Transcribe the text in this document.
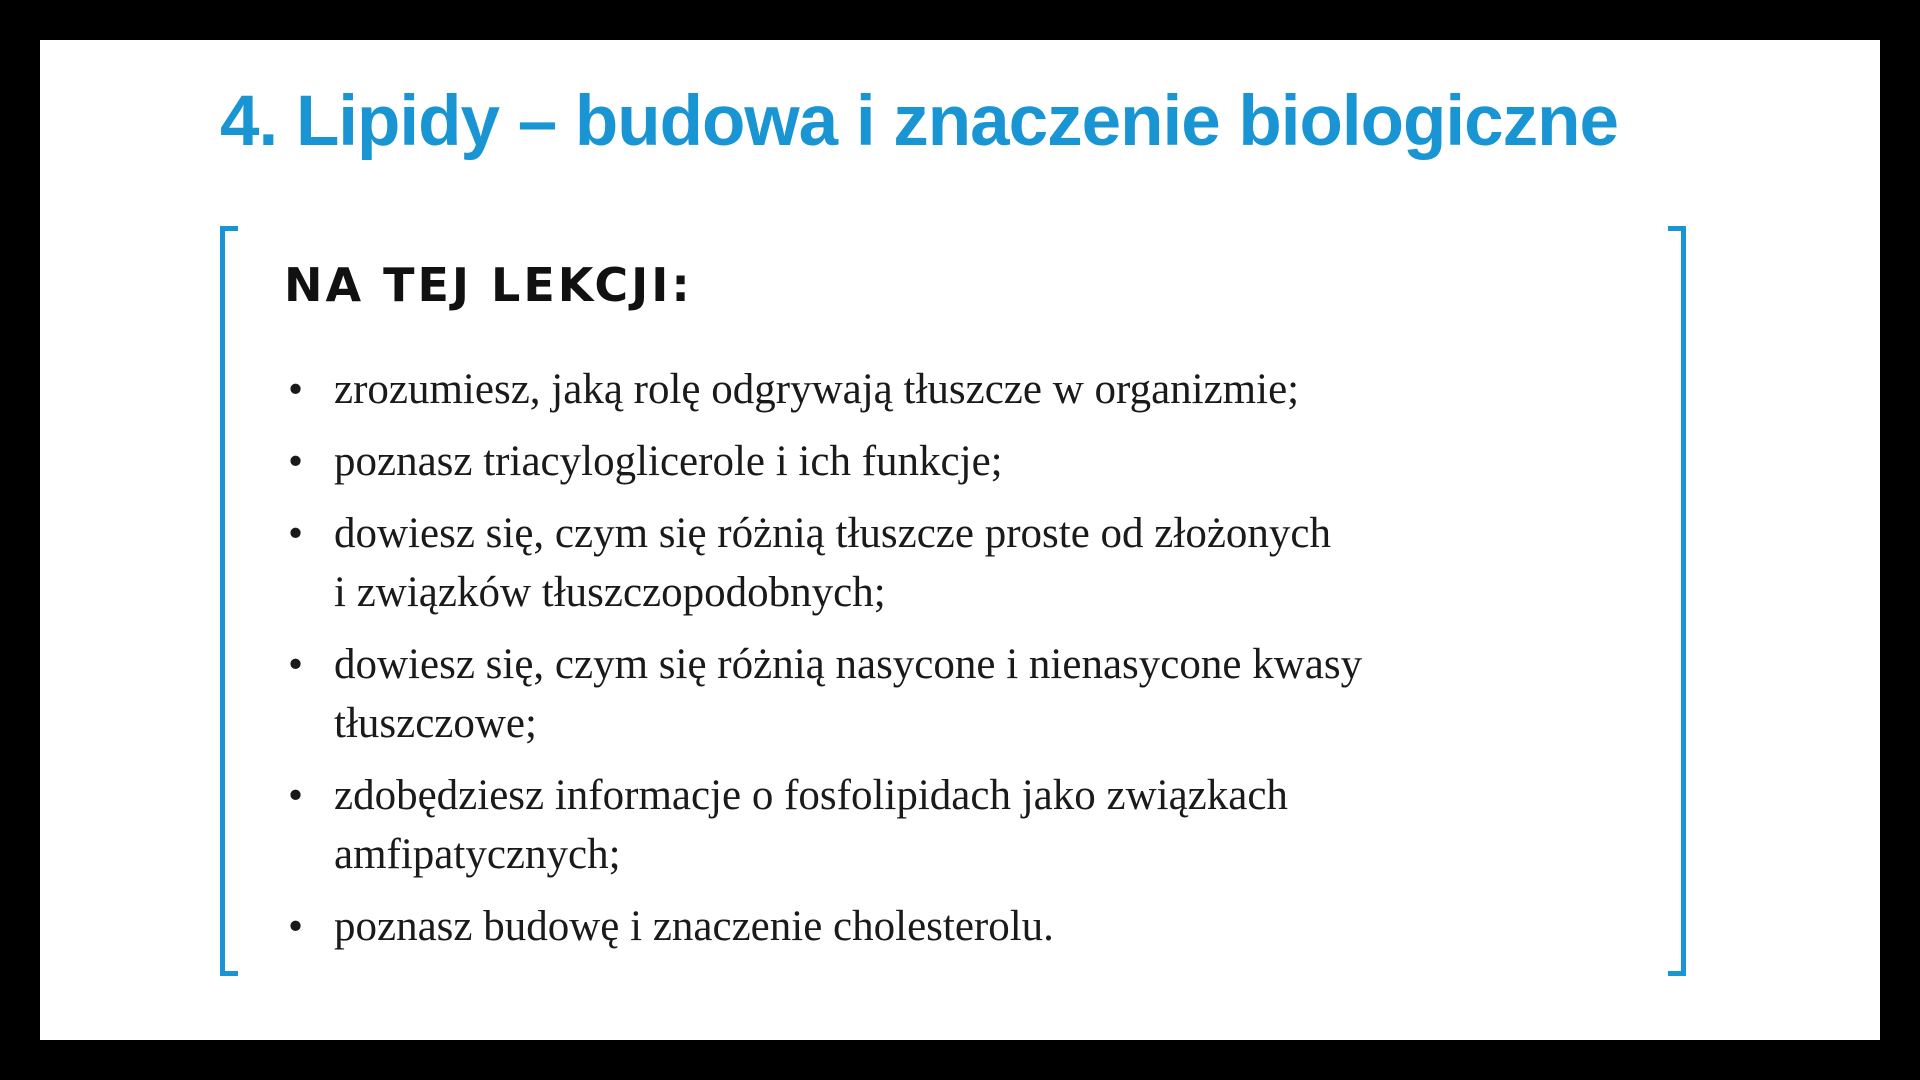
4. Lipidy – budowa i znaczenie biologiczne
NA TEJ LEKCJI:
• zrozumiesz, jaką rolę odgrywają tłuszcze w organizmie;
• poznasz triacyloglicerole i ich funkcje;
• dowiesz się, czym się różnią tłuszcze proste od złożonych
i związków tłuszczopodobnych;
• dowiesz się, czym się różnią nasycone i nienasycone kwasy
tłuszczowe;
• zdobędziesz informacje o fosfolipidach jako związkach
amfipatycznych;
• poznasz budowę i znaczenie cholesterolu.
